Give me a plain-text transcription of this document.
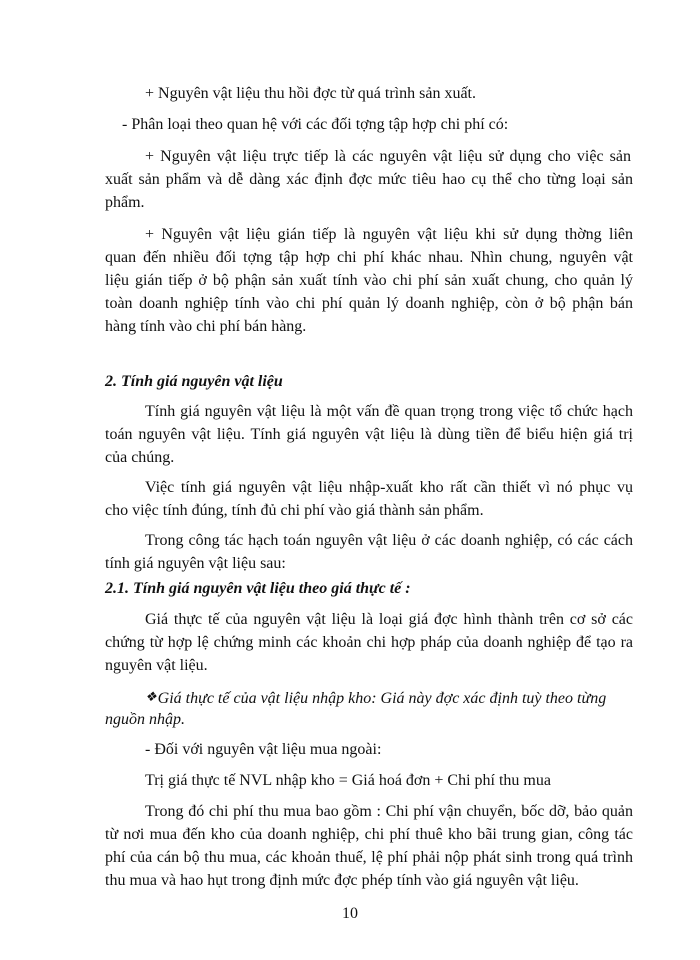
+ Nguyên vật liệu thu hồi đợc từ quá trình sản xuất.
- Phân loại theo quan hệ với các đối tợng tập hợp chi phí có:
+ Nguyên vật liệu trực tiếp là các nguyên vật liệu sử dụng cho việc sản
xuất sản phẩm và dễ dàng xác định đợc mức tiêu hao cụ thể cho từng loại sản
phẩm.
+ Nguyên vật liệu gián tiếp là nguyên vật liệu khi sử dụng thờng liên
quan đến nhiều đối tợng tập hợp chi phí khác nhau. Nhìn chung, nguyên vật
liệu gián tiếp ở bộ phận sản xuất tính vào chi phí sản xuất chung, cho quản lý
toàn doanh nghiệp tính vào chi phí quản lý doanh nghiệp, còn ở bộ phận bán
hàng tính vào chi phí bán hàng.
2. Tính giá nguyên vật liệu
Tính giá nguyên vật liệu là một vấn đề quan trọng trong việc tổ chức hạch
toán nguyên vật liệu. Tính giá nguyên vật liệu là dùng tiền để biểu hiện giá trị
của chúng.
Việc tính giá nguyên vật liệu nhập-xuất kho rất cần thiết vì nó phục vụ
cho việc tính đúng, tính đủ chi phí vào giá thành sản phẩm.
Trong công tác hạch toán nguyên vật liệu ở các doanh nghiệp, có các cách
tính giá nguyên vật liệu sau:
2.1. Tính giá nguyên vật liệu theo giá thực tế :
Giá thực tế của nguyên vật liệu là loại giá đợc hình thành trên cơ sở các
chứng từ hợp lệ chứng minh các khoản chi hợp pháp của doanh nghiệp để tạo ra
nguyên vật liệu.
❖Giá thực tế của vật liệu nhập kho: Giá này đợc xác định tuỳ theo từng
nguồn nhập.
- Đối với nguyên vật liệu mua ngoài:
Trị giá thực tế NVL nhập kho = Giá hoá đơn + Chi phí thu mua
Trong đó chi phí thu mua bao gồm : Chi phí vận chuyển, bốc dỡ, bảo quản
từ nơi mua đến kho của doanh nghiệp, chi phí thuê kho bãi trung gian, công tác
phí của cán bộ thu mua, các khoản thuế, lệ phí phải nộp phát sinh trong quá trình
thu mua và hao hụt trong định mức đợc phép tính vào giá nguyên vật liệu.
10
